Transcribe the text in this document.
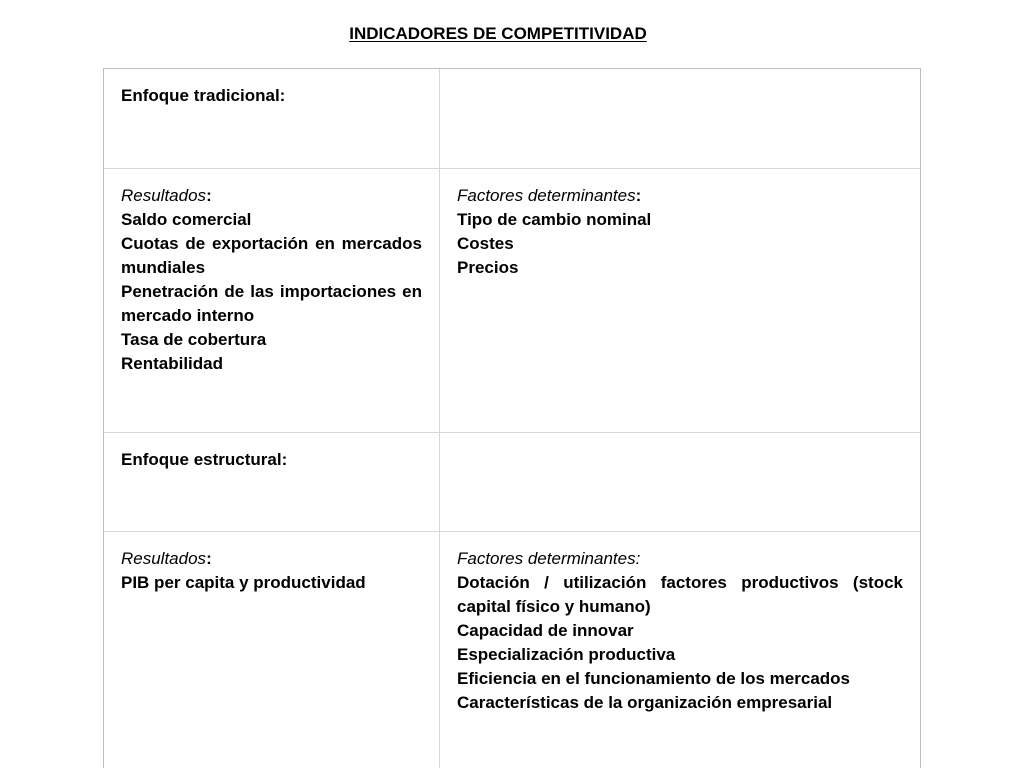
INDICADORES DE COMPETITIVIDAD
Enfoque tradicional:
Resultados:
Saldo comercial
Cuotas de exportación en mercados mundiales
Penetración de las importaciones en mercado interno
Tasa de cobertura
Rentabilidad
Factores determinantes:
Tipo de cambio nominal
Costes
Precios
Enfoque estructural:
Resultados:
PIB per capita y productividad
Factores determinantes:
Dotación / utilización factores productivos (stock capital físico y humano)
Capacidad de innovar
Especialización productiva
Eficiencia en el funcionamiento de los mercados
Características de la organización empresarial
